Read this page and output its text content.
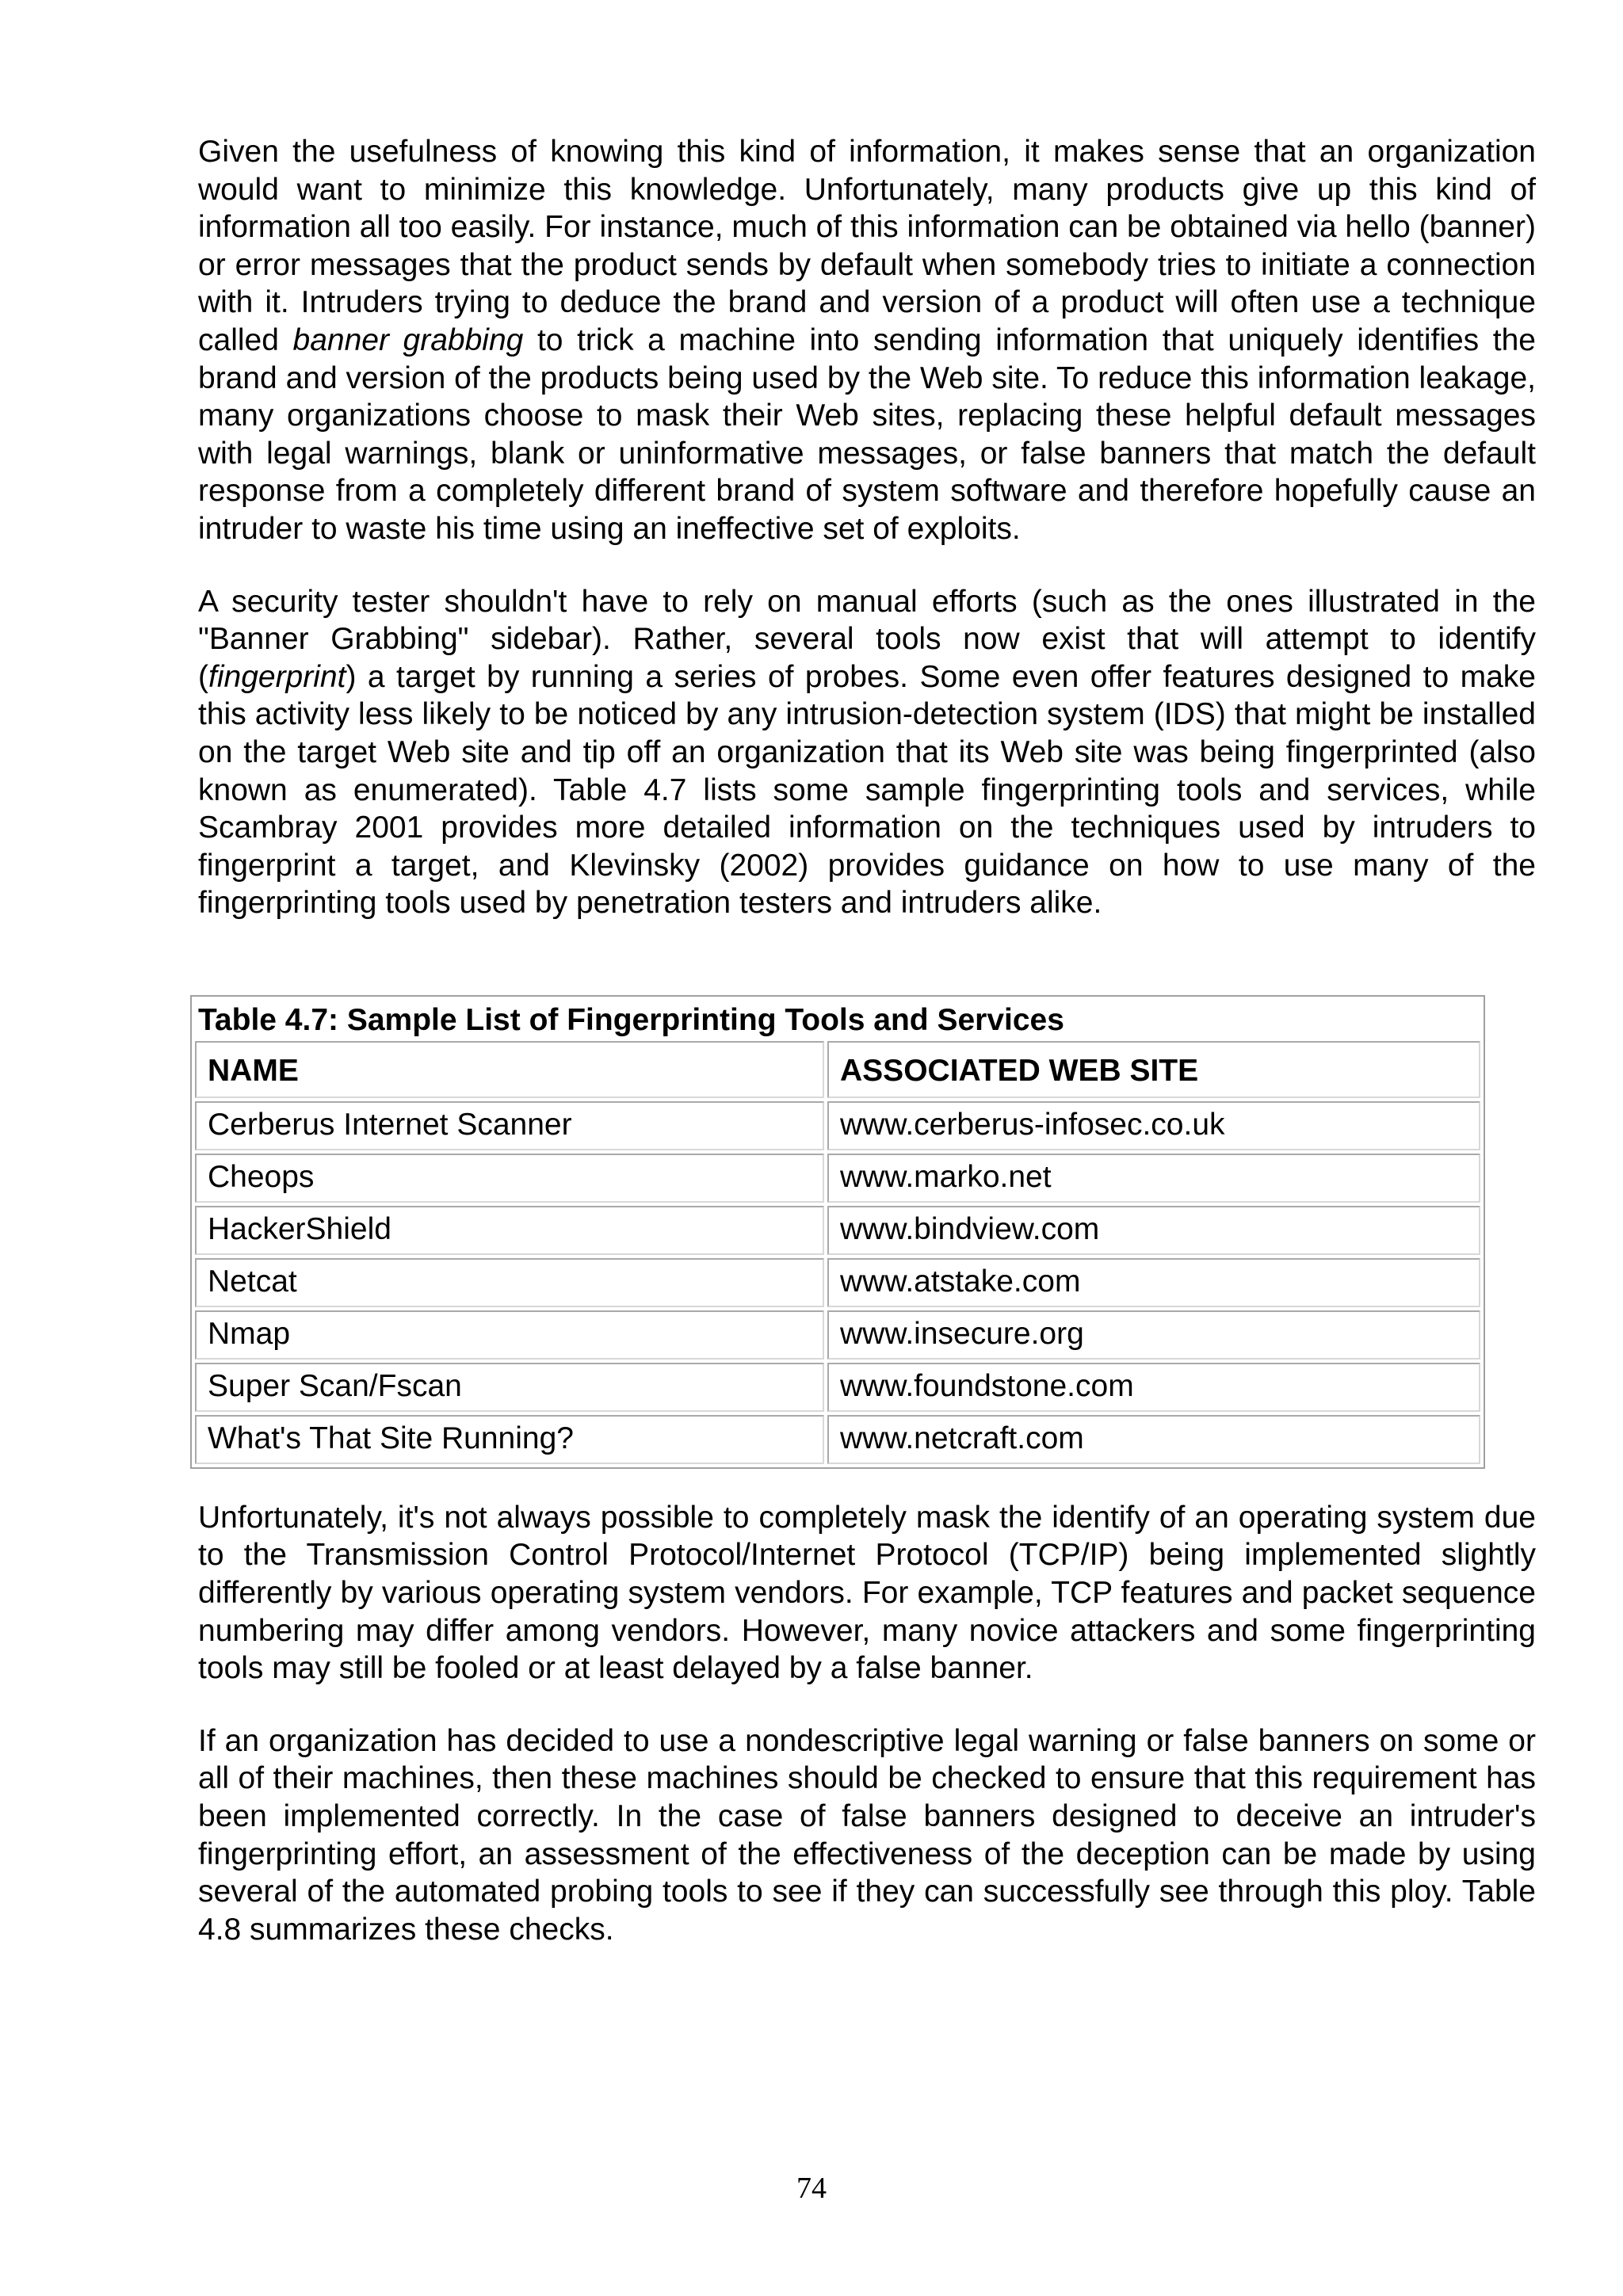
Given the usefulness of knowing this kind of information, it makes sense that an organization would want to minimize this knowledge. Unfortunately, many products give up this kind of information all too easily. For instance, much of this information can be obtained via hello (banner) or error messages that the product sends by default when somebody tries to initiate a connection with it. Intruders trying to deduce the brand and version of a product will often use a technique called banner grabbing to trick a machine into sending information that uniquely identifies the brand and version of the products being used by the Web site. To reduce this information leakage, many organizations choose to mask their Web sites, replacing these helpful default messages with legal warnings, blank or uninformative messages, or false banners that match the default response from a completely different brand of system software and therefore hopefully cause an intruder to waste his time using an ineffective set of exploits.

A security tester shouldn't have to rely on manual efforts (such as the ones illustrated in the "Banner Grabbing" sidebar). Rather, several tools now exist that will attempt to identify (fingerprint) a target by running a series of probes. Some even offer features designed to make this activity less likely to be noticed by any intrusion-detection system (IDS) that might be installed on the target Web site and tip off an organization that its Web site was being fingerprinted (also known as enumerated). Table 4.7 lists some sample fingerprinting tools and services, while Scambray 2001 provides more detailed information on the techniques used by intruders to fingerprint a target, and Klevinsky (2002) provides guidance on how to use many of the fingerprinting tools used by penetration testers and intruders alike.

Table 4.7: Sample List of Fingerprinting Tools and Services
NAME	ASSOCIATED WEB SITE
Cerberus Internet Scanner	www.cerberus-infosec.co.uk
Cheops	www.marko.net
HackerShield	www.bindview.com
Netcat	www.atstake.com
Nmap	www.insecure.org
Super Scan/Fscan	www.foundstone.com
What's That Site Running?	www.netcraft.com

Unfortunately, it's not always possible to completely mask the identify of an operating system due to the Transmission Control Protocol/Internet Protocol (TCP/IP) being implemented slightly differently by various operating system vendors. For example, TCP features and packet sequence numbering may differ among vendors. However, many novice attackers and some fingerprinting tools may still be fooled or at least delayed by a false banner.

If an organization has decided to use a nondescriptive legal warning or false banners on some or all of their machines, then these machines should be checked to ensure that this requirement has been implemented correctly. In the case of false banners designed to deceive an intruder's fingerprinting effort, an assessment of the effectiveness of the deception can be made by using several of the automated probing tools to see if they can successfully see through this ploy. Table 4.8 summarizes these checks.

74
